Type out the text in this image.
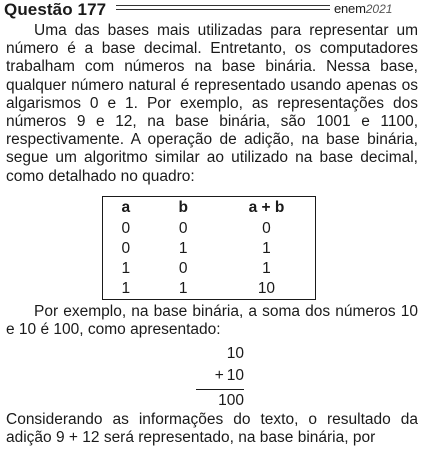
Questão 177	enem2021

Uma das bases mais utilizadas para representar um número é a base decimal. Entretanto, os computadores trabalham com números na base binária. Nessa base, qualquer número natural é representado usando apenas os algarismos 0 e 1. Por exemplo, as representações dos números 9 e 12, na base binária, são 1001 e 1100, respectivamente. A operação de adição, na base binária, segue um algoritmo similar ao utilizado na base decimal, como detalhado no quadro:

a	b	a + b
0	0	0
0	1	1
1	0	1
1	1	10

Por exemplo, na base binária, a soma dos números 10 e 10 é 100, como apresentado:

10
+ 10
100

Considerando as informações do texto, o resultado da adição 9 + 12 será representado, na base binária, por
